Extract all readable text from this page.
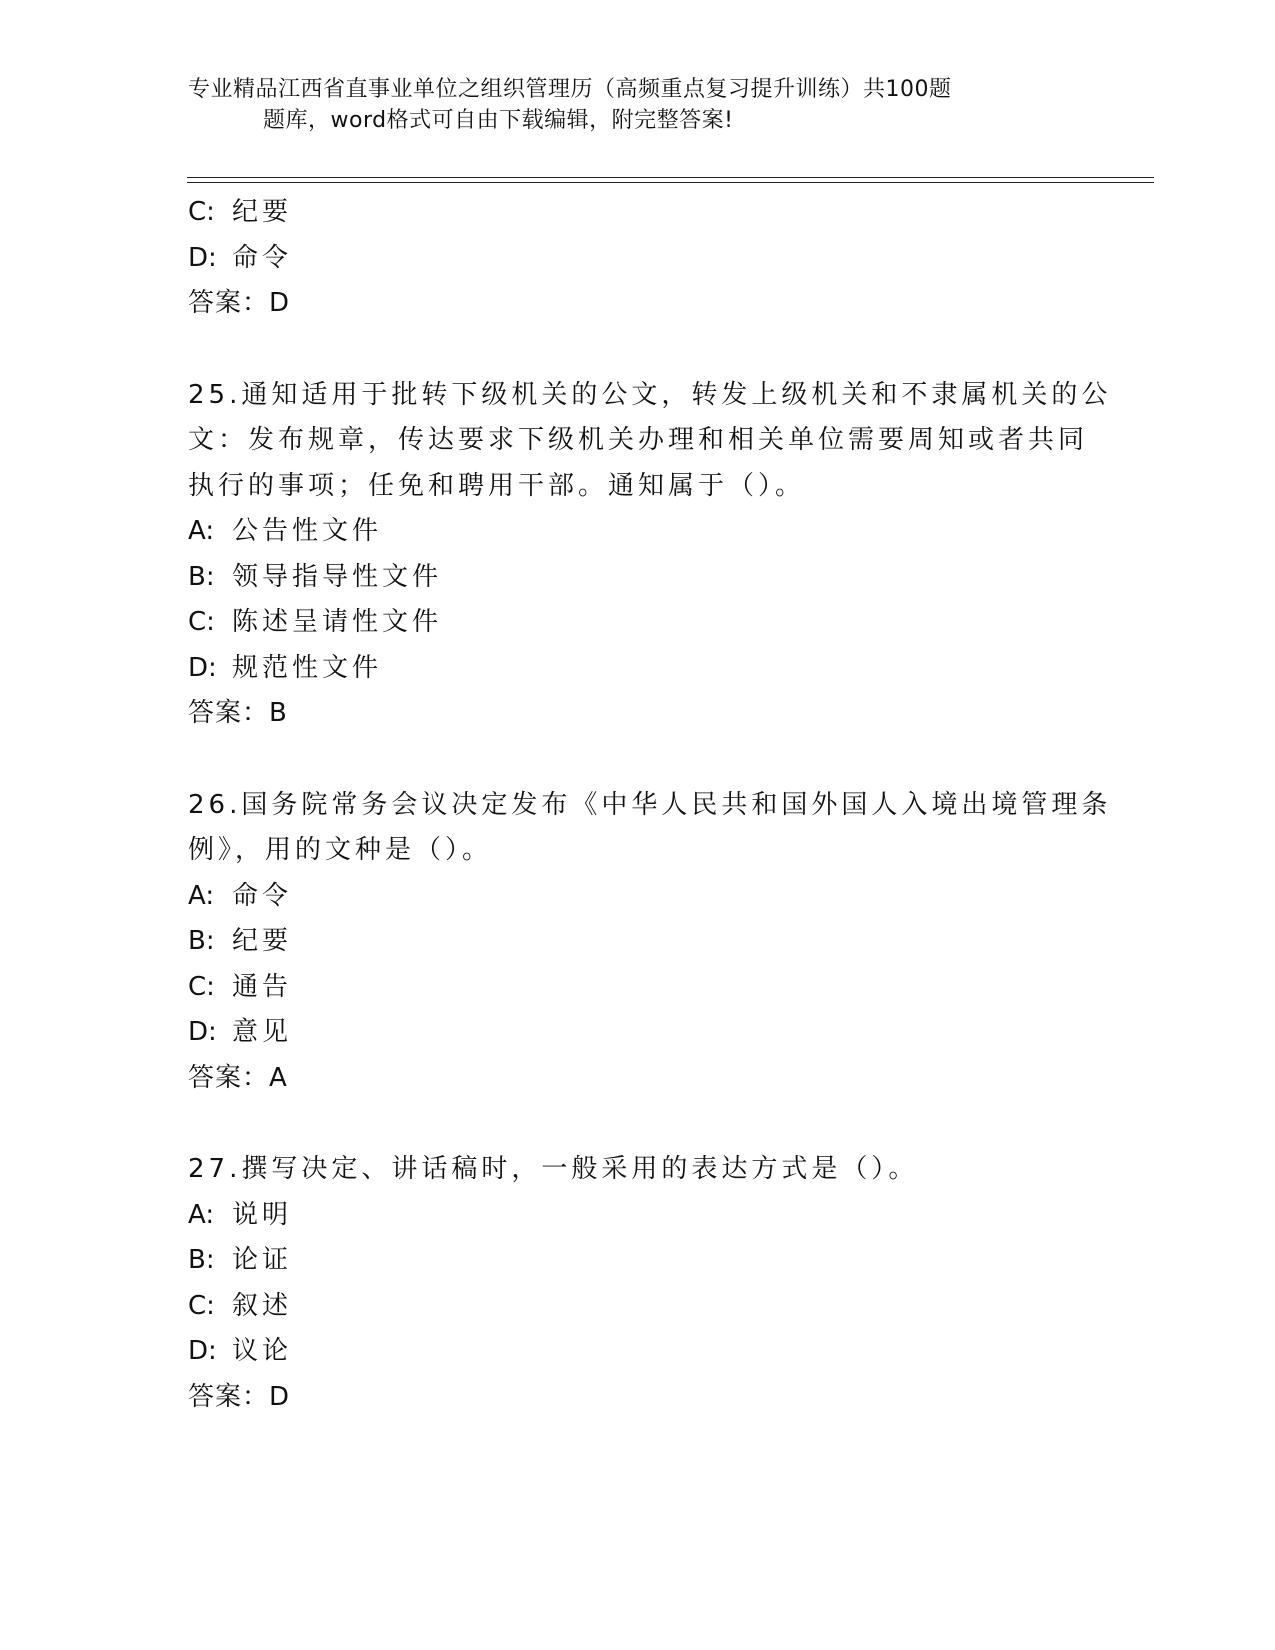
专业精品江西省直事业单位之组织管理历（高频重点复习提升训练）共100题
题库，word格式可自由下载编辑，附完整答案!
C: 纪要
D: 命令
答案：D
25.通知适用于批转下级机关的公文，转发上级机关和不隶属机关的公
文：发布规章，传达要求下级机关办理和相关单位需要周知或者共同
执行的事项；任免和聘用干部。通知属于（）。
A: 公告性文件
B: 领导指导性文件
C: 陈述呈请性文件
D: 规范性文件
答案：B
26.国务院常务会议决定发布《中华人民共和国外国人入境出境管理条
例》，用的文种是（）。
A: 命令
B: 纪要
C: 通告
D: 意见
答案：A
27.撰写决定、讲话稿时，一般采用的表达方式是（）。
A: 说明
B: 论证
C: 叙述
D: 议论
答案：D
